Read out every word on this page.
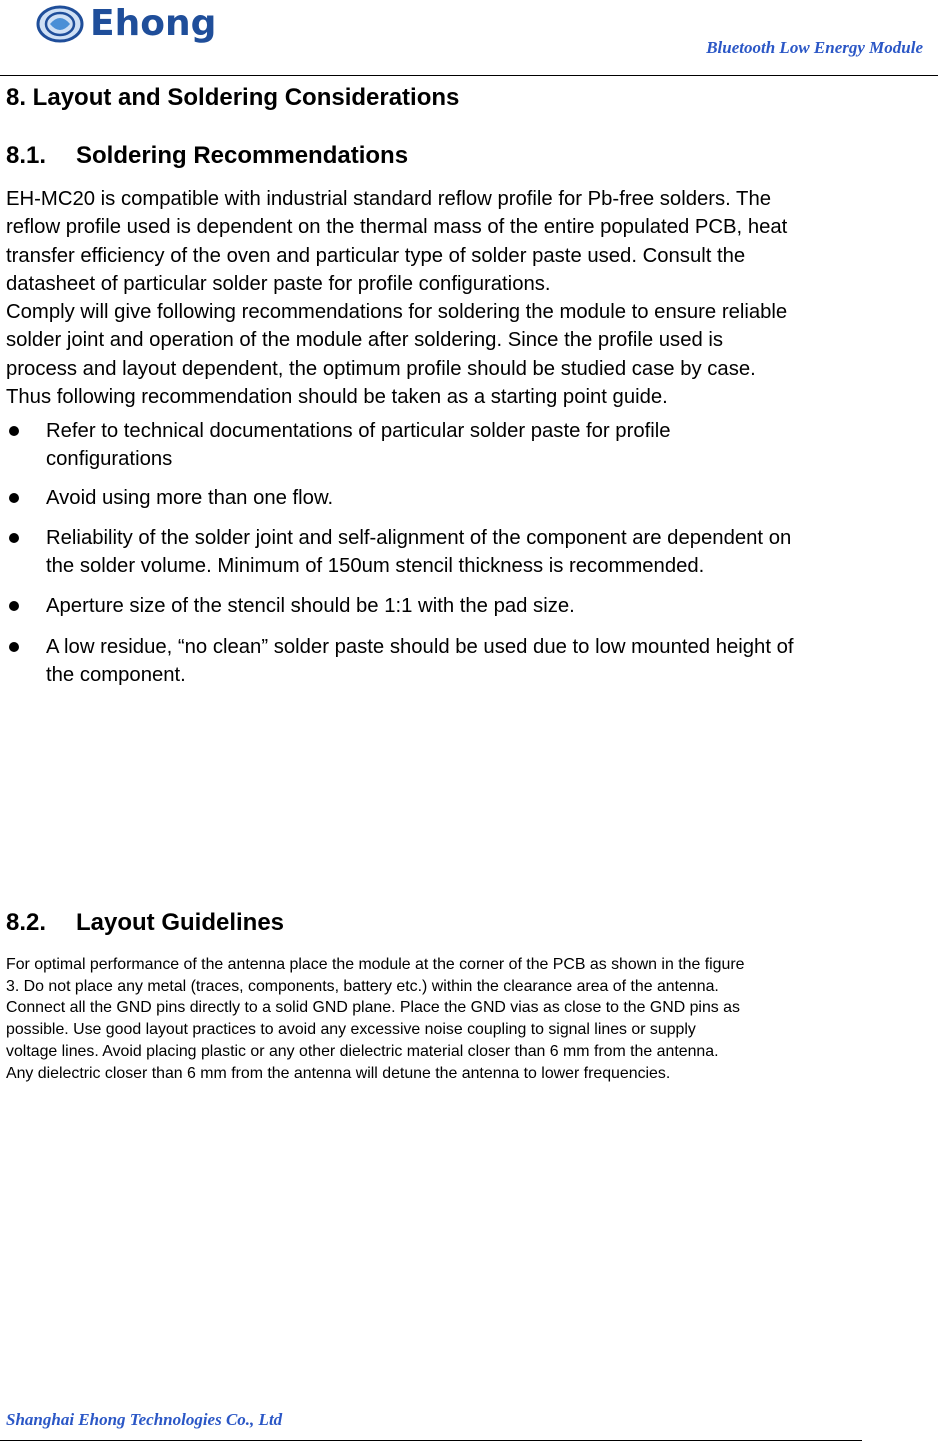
Ehong
Bluetooth Low Energy Module
8. Layout and Soldering Considerations
8.1. Soldering Recommendations

EH-MC20 is compatible with industrial standard reflow profile for Pb-free solders. The

reflow profile used is dependent on the thermal mass of the entire populated PCB, heat

transfer efficiency of the oven and particular type of solder paste used. Consult the

datasheet of particular solder paste for profile configurations.

Comply will give following recommendations for soldering the module to ensure reliable

solder joint and operation of the module after soldering. Since the profile used is

process and layout dependent, the optimum profile should be studied case by case.

Thus following recommendation should be taken as a starting point guide.

Refer to technical documentations of particular solder paste for profile
configurations
Avoid using more than one flow.
Reliability of the solder joint and self-alignment of the component are dependent on
the solder volume. Minimum of 150um stencil thickness is recommended.
Aperture size of the stencil should be 1:1 with the pad size.
A low residue, “no clean” solder paste should be used due to low mounted height of
the component.
8.2. Layout Guidelines
For optimal performance of the antenna place the module at the corner of the PCB as shown in the figure
3. Do not place any metal (traces, components, battery etc.) within the clearance area of the antenna.
Connect all the GND pins directly to a solid GND plane. Place the GND vias as close to the GND pins as
possible. Use good layout practices to avoid any excessive noise coupling to signal lines or supply
voltage lines. Avoid placing plastic or any other dielectric material closer than 6 mm from the antenna.
Any dielectric closer than 6 mm from the antenna will detune the antenna to lower frequencies.
Shanghai Ehong Technologies Co., Ltd
